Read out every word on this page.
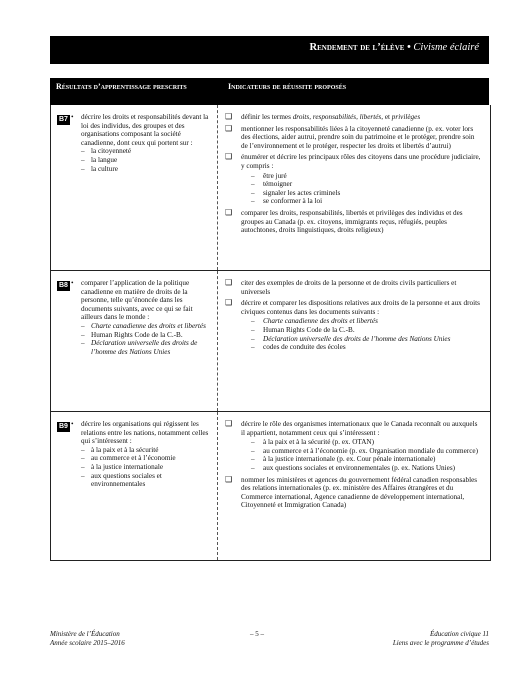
Rendement de l’élève • Civisme éclairé
Résultats d’apprentissage prescrits	Indicateurs de réussite proposés
B7 • décrire les droits et responsabilités devant la loi des individus, des groupes et des organisations composant la société canadienne, dont ceux qui portent sur :
– la citoyenneté
– la langue
– la culture
❑ définir les termes droits, responsabilités, libertés, et privilèges
❑ mentionner les responsabilités liées à la citoyenneté canadienne (p. ex. voter lors des élections, aider autrui, prendre soin du patrimoine et le protéger, prendre soin de l’environnement et le protéger, respecter les droits et libertés d’autrui)
❑ énumérer et décrire les principaux rôles des citoyens dans une procédure judiciaire, y compris :
– être juré
– témoigner
– signaler les actes criminels
– se conformer à la loi
❑ comparer les droits, responsabilités, libertés et privilèges des individus et des groupes au Canada (p. ex. citoyens, immigrants reçus, réfugiés, peuples autochtones, droits linguistiques, droits religieux)
B8 • comparer l’application de la politique canadienne en matière de droits de la personne, telle qu’énoncée dans les documents suivants, avec ce qui se fait ailleurs dans le monde :
– Charte canadienne des droits et libertés
– Human Rights Code de la C.-B.
– Déclaration universelle des droits de l’homme des Nations Unies
❑ citer des exemples de droits de la personne et de droits civils particuliers et universels
❑ décrire et comparer les dispositions relatives aux droits de la personne et aux droits civiques contenus dans les documents suivants :
– Charte canadienne des droits et libertés
– Human Rights Code de la C.-B.
– Déclaration universelle des droits de l’homme des Nations Unies
– codes de conduite des écoles
B9 • décrire les organisations qui régissent les relations entre les nations, notamment celles qui s’intéressent :
– à la paix et à la sécurité
– au commerce et à l’économie
– à la justice internationale
– aux questions sociales et environnementales
❑ décrire le rôle des organismes internationaux que le Canada reconnaît ou auxquels il appartient, notamment ceux qui s’intéressent :
– à la paix et à la sécurité (p. ex. OTAN)
– au commerce et à l’économie (p. ex. Organisation mondiale du commerce)
– à la justice internationale (p. ex. Cour pénale internationale)
– aux questions sociales et environnementales (p. ex. Nations Unies)
❑ nommer les ministères et agences du gouvernement fédéral canadien responsables des relations internationales (p. ex. ministère des Affaires étrangères et du Commerce international, Agence canadienne de développement international, Citoyenneté et Immigration Canada)
Ministère de l’Éducation
Année scolaire 2015–2016
– 5 –	Éducation civique 11
Liens avec le programme d’études
